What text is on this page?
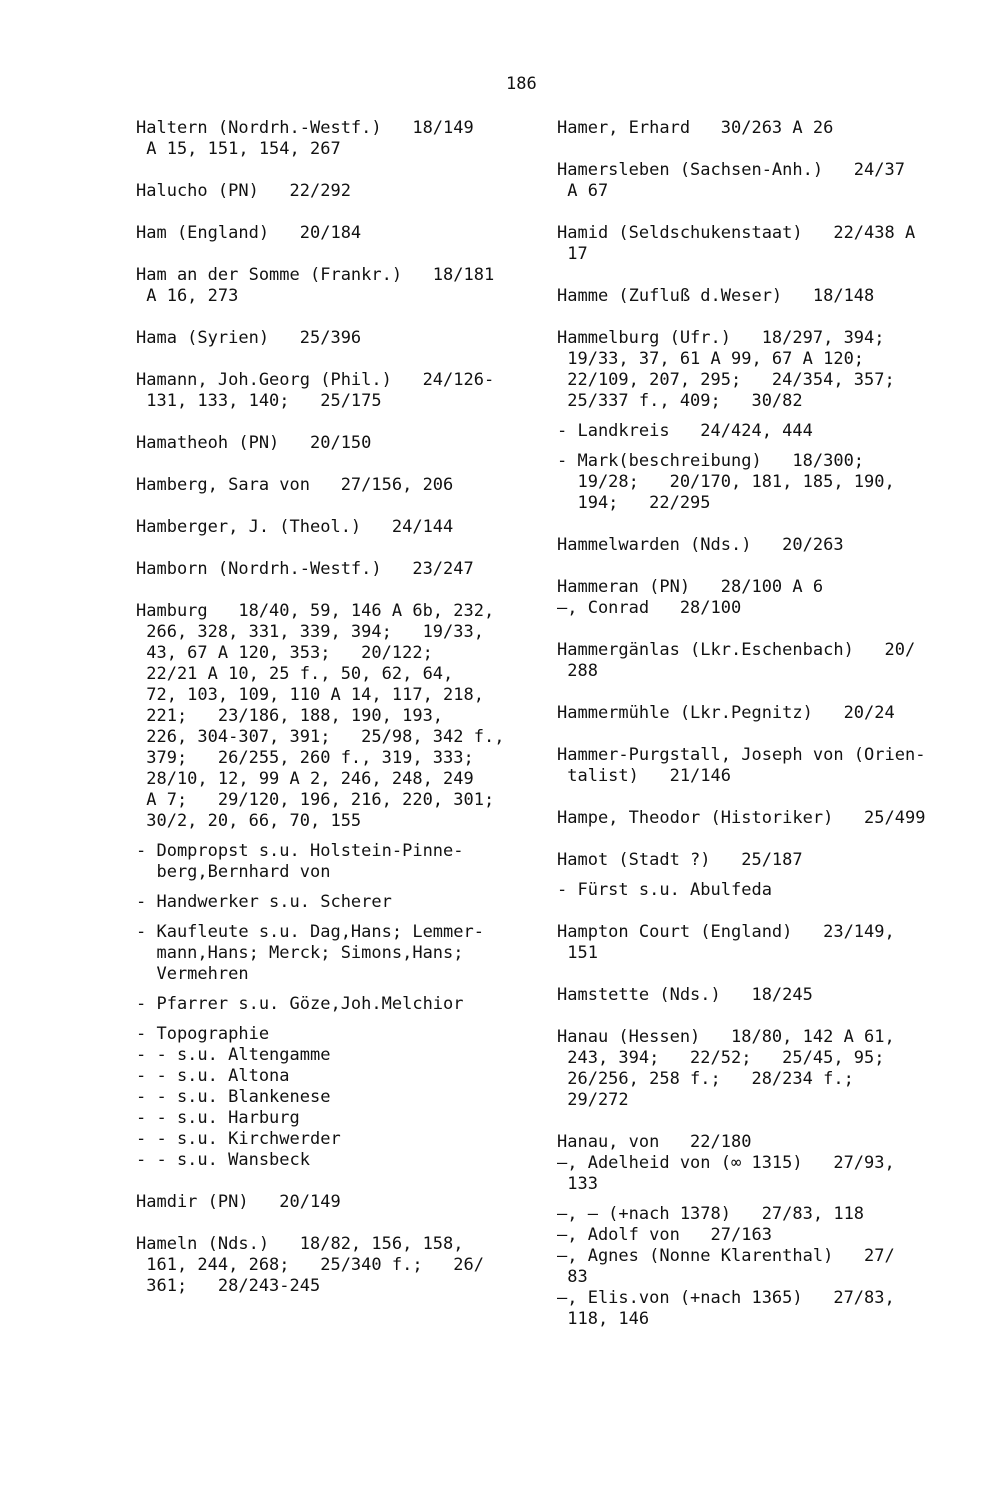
186
Haltern (Nordrh.-Westf.)   18/149
A 15, 151, 154, 267
Halucho (PN)   22/292
Ham (England)   20/184
Ham an der Somme (Frankr.)   18/181
A 16, 273
Hama (Syrien)   25/396
Hamann, Joh.Georg (Phil.)   24/126-
131, 133, 140;   25/175
Hamatheoh (PN)   20/150
Hamberg, Sara von   27/156, 206
Hamberger, J. (Theol.)   24/144
Hamborn (Nordrh.-Westf.)   23/247
Hamburg   18/40, 59, 146 A 6b, 232,
266, 328, 331, 339, 394;   19/33,
43, 67 A 120, 353;   20/122;
22/21 A 10, 25 f., 50, 62, 64,
72, 103, 109, 110 A 14, 117, 218,
221;   23/186, 188, 190, 193,
226, 304-307, 391;   25/98, 342 f.,
379;   26/255, 260 f., 319, 333;
28/10, 12, 99 A 2, 246, 248, 249
A 7;   29/120, 196, 216, 220, 301;
30/2, 20, 66, 70, 155
- Dompropst s.u. Holstein-Pinne-
berg,Bernhard von
- Handwerker s.u. Scherer
- Kaufleute s.u. Dag,Hans; Lemmer-
mann,Hans; Merck; Simons,Hans;
Vermehren
- Pfarrer s.u. Göze,Joh.Melchior
- Topographie
- - s.u. Altengamme
- - s.u. Altona
- - s.u. Blankenese
- - s.u. Harburg
- - s.u. Kirchwerder
- - s.u. Wansbeck
Hamdir (PN)   20/149
Hameln (Nds.)   18/82, 156, 158,
161, 244, 268;   25/340 f.;   26/
361;   28/243-245
Hamer, Erhard   30/263 A 26
Hamersleben (Sachsen-Anh.)   24/37
A 67
Hamid (Seldschukenstaat)   22/438 A
17
Hamme (Zufluß d.Weser)   18/148
Hammelburg (Ufr.)   18/297, 394;
19/33, 37, 61 A 99, 67 A 120;
22/109, 207, 295;   24/354, 357;
25/337 f., 409;   30/82
- Landkreis   24/424, 444
- Mark(beschreibung)   18/300;
19/28;   20/170, 181, 185, 190,
194;   22/295
Hammelwarden (Nds.)   20/263
Hammeran (PN)   28/100 A 6
—, Conrad   28/100
Hammergänlas (Lkr.Eschenbach)   20/
288
Hammermühle (Lkr.Pegnitz)   20/24
Hammer-Purgstall, Joseph von (Orien-
talist)   21/146
Hampe, Theodor (Historiker)   25/499
Hamot (Stadt ?)   25/187
- Fürst s.u. Abulfeda
Hampton Court (England)   23/149,
151
Hamstette (Nds.)   18/245
Hanau (Hessen)   18/80, 142 A 61,
243, 394;   22/52;   25/45, 95;
26/256, 258 f.;   28/234 f.;
29/272
Hanau, von   22/180
—, Adelheid von (∞ 1315)   27/93,
133
—, — (+nach 1378)   27/83, 118
—, Adolf von   27/163
—, Agnes (Nonne Klarenthal)   27/
83
—, Elis.von (+nach 1365)   27/83,
118, 146
